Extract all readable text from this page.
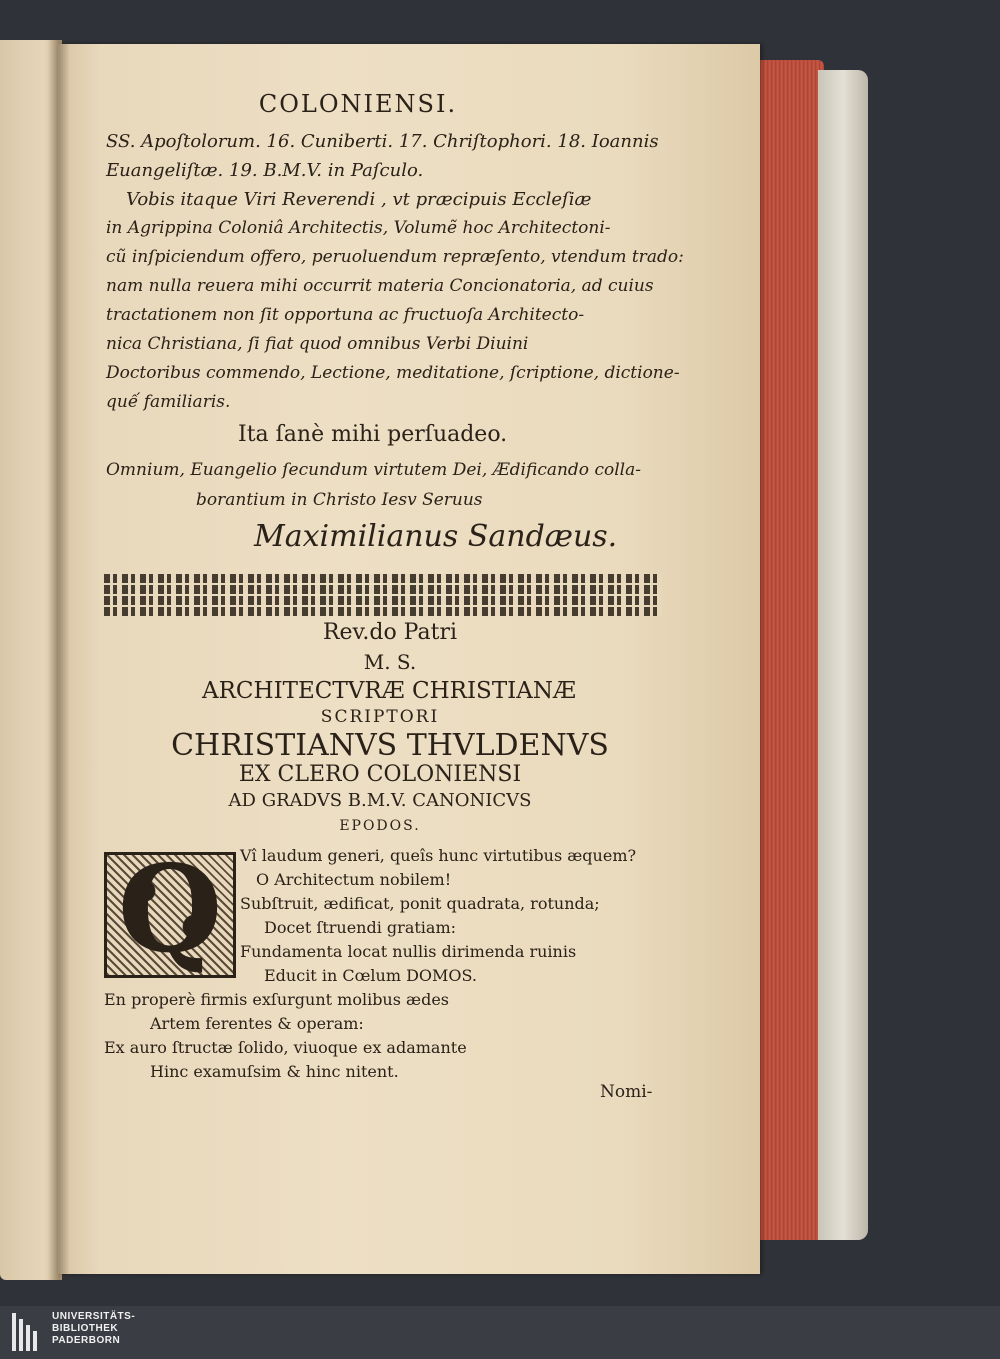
COLONIENSI.
SS. Apoſtolorum. 16. Cuniberti. 17. Chriſtophori. 18. Ioannis
Euangeliſtæ. 19. B.M.V. in Paſculo.
Vobis itaque Viri Reverendi , vt præcipuis Eccleſiæ
in Agrippina Coloniâ Architectis, Volumẽ hoc Architectoni-
cũ inſpiciendum offero, peruoluendum repræſento, vtendum trado:
nam nulla reuera mihi occurrit materia Concionatoria, ad cuius
tractationem non ſit opportuna ac fructuoſa Architecto-
nica Christiana, ſi fiat quod omnibus Verbi Diuini
Doctoribus commendo, Lectione, meditatione, ſcriptione, dictione-
quế familiaris.
Ita ſanè mihi perſuadeo.
Omnium, Euangelio ſecundum virtutem Dei, Ædificando colla-
borantium in Christo Iesv Seruus
Maximilianus Sandæus.
Rev.do Patri
M. S.
ARCHITECTVRÆ CHRISTIANÆ
SCRIPTORI
CHRISTIANVS THVLDENVS
EX CLERO COLONIENSI
AD GRADVS B.M.V. CANONICVS
EPODOS.
Q	Vî laudum generi, queîs hunc virtutibus æquem?
O Architectum nobilem!
Subſtruit, ædificat, ponit quadrata, rotunda;
Docet ſtruendi gratiam:
Fundamenta locat nullis dirimenda ruinis
Educit in Cœlum DOMOS.
En properè firmis exſurgunt molibus ædes
Artem ferentes & operam:
Ex auro ſtructæ ſolido, viuoque ex adamante
Hinc examuſsim & hinc nitent.
Nomi-
UNIVERSITÄTS-
BIBLIOTHEK
PADERBORN
